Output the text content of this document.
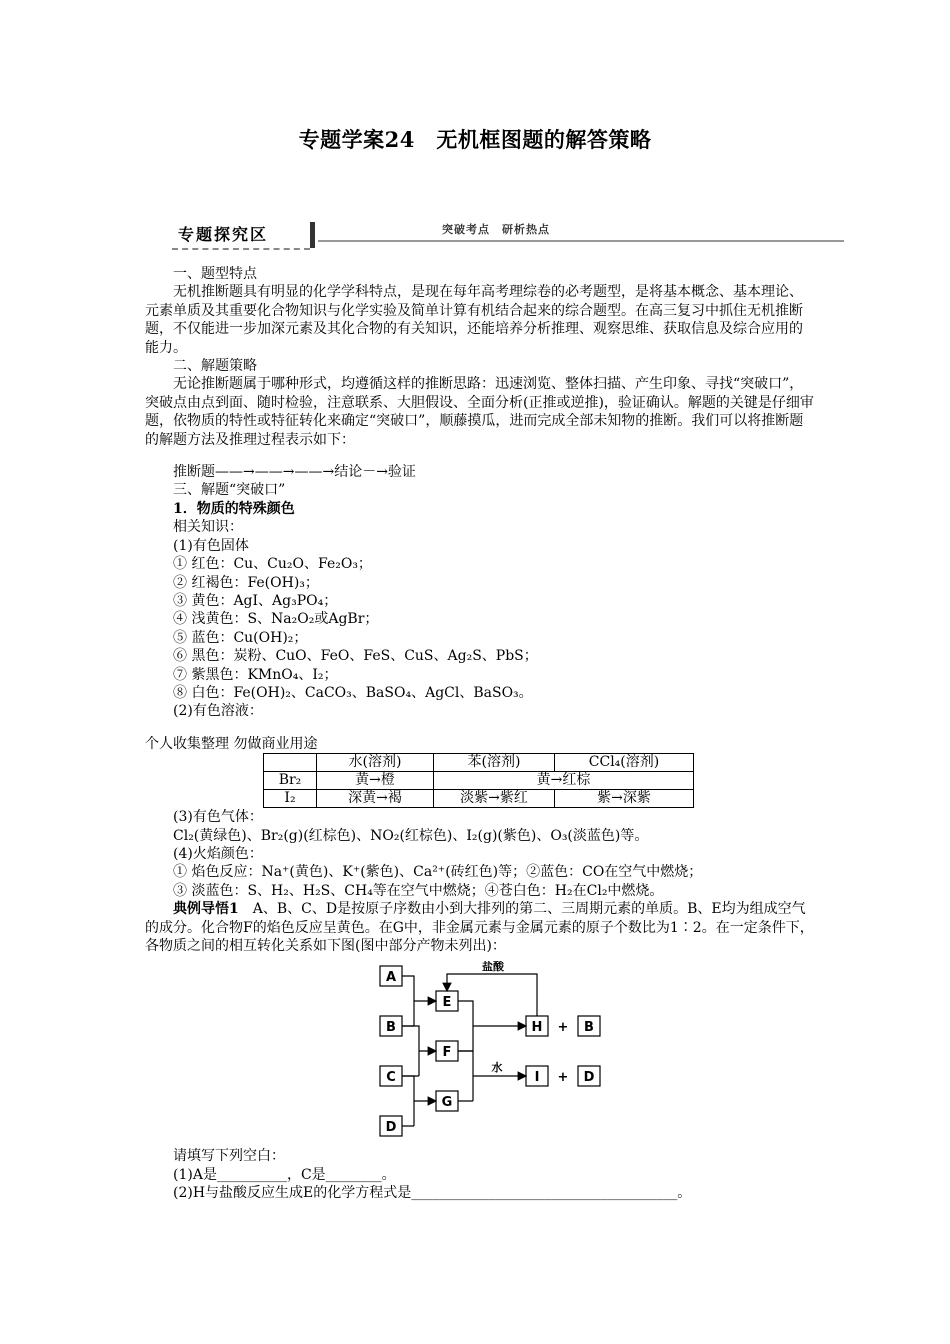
专题学案24　无机框图题的解答策略
专题探究区	突破考点　研析热点

一、题型特点

无机推断题具有明显的化学学科特点，是现在每年高考理综卷的必考题型，是将基本概念、基本理论、元素单质及其重要化合物知识与化学实验及简单计算有机结合起来的综合题型。在高三复习中抓住无机推断题，不仅能进一步加深元素及其化合物的有关知识，还能培养分析推理、观察思维、获取信息及综合应用的能力。

二、解题策略

无论推断题属于哪种形式，均遵循这样的推断思路：迅速浏览、整体扫描、产生印象、寻找“突破口”，突破点由点到面、随时检验，注意联系、大胆假设、全面分析(正推或逆推)，验证确认。解题的关键是仔细审题，依物质的特性或特征转化来确定“突破口”，顺藤摸瓜，进而完成全部未知物的推断。我们可以将推断题的解题方法及推理过程表示如下：

推断题——→——→——→结论－→验证

三、解题“突破口”

1．物质的特殊颜色

相关知识：

(1)有色固体

① 红色：Cu、Cu₂O、Fe₂O₃；

② 红褐色：Fe(OH)₃；

③ 黄色：AgI、Ag₃PO₄；

④ 浅黄色：S、Na₂O₂或AgBr；

⑤ 蓝色：Cu(OH)₂；

⑥ 黑色：炭粉、CuO、FeO、FeS、CuS、Ag₂S、PbS；

⑦ 紫黑色：KMnO₄、I₂；

⑧ 白色：Fe(OH)₂、CaCO₃、BaSO₄、AgCl、BaSO₃。

(2)有色溶液：

个人收集整理 勿做商业用途

	水(溶剂)	苯(溶剂)	CCl₄(溶剂)
Br₂	黄→橙	黄→红棕	
I₂	深黄→褐	淡紫→紫红	紫→深紫

(3)有色气体：

Cl₂(黄绿色)、Br₂(g)(红棕色)、NO₂(红棕色)、I₂(g)(紫色)、O₃(淡蓝色)等。

(4)火焰颜色：

① 焰色反应：Na⁺(黄色)、K⁺(紫色)、Ca²⁺(砖红色)等；②蓝色：CO在空气中燃烧；

③ 淡蓝色：S、H₂、H₂S、CH₄等在空气中燃烧；④苍白色：H₂在Cl₂中燃烧。

典例导悟1　A、B、C、D是按原子序数由小到大排列的第二、三周期元素的单质。B、E均为组成空气的成分。化合物F的焰色反应呈黄色。在G中，非金属元素与金属元素的原子个数比为1∶2。在一定条件下，各物质之间的相互转化关系如下图(图中部分产物未列出)：

A
B
C
D
E
F
G
H	B
I	D
+
+
盐酸
水

请填写下列空白：

(1)A是__________，C是________。

(2)H与盐酸反应生成E的化学方程式是______________________________________。
